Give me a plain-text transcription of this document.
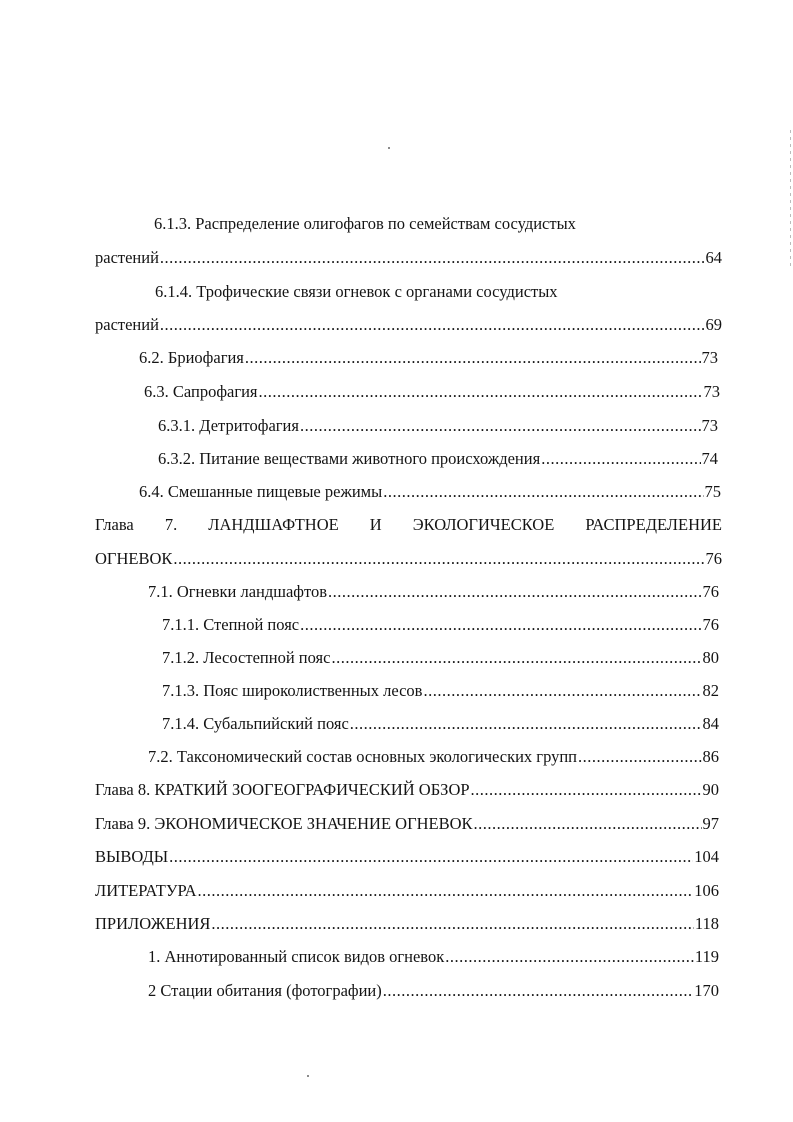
6.1.3. Распределение олигофагов по семействам сосудистых
растений .....	64
6.1.4. Трофические связи огневок с органами сосудистых
растений .....	69
6.2. Бриофагия .....	73
6.3. Сапрофагия .....	73
6.3.1. Детритофагия .....	73
6.3.2. Питание веществами животного происхождения .....	74
6.4. Смешанные пищевые режимы .....	75
Глава 7. ЛАНДШАФТНОЕ И ЭКОЛОГИЧЕСКОЕ РАСПРЕДЕЛЕНИЕ
ОГНЕВОК .....	76
7.1. Огневки ландшафтов .....	76
7.1.1. Степной пояс .....	76
7.1.2. Лесостепной пояс .....	80
7.1.3. Пояс широколиственных лесов .....	82
7.1.4. Субальпийский пояс .....	84
7.2. Таксономический состав основных экологических групп .....	86
Глава 8. КРАТКИЙ ЗООГЕОГРАФИЧЕСКИЙ ОБЗОР .....	90
Глава 9. ЭКОНОМИЧЕСКОЕ ЗНАЧЕНИЕ ОГНЕВОК .....	97
ВЫВОДЫ .....	104
ЛИТЕРАТУРА .....	106
ПРИЛОЖЕНИЯ .....	118
1. Аннотированный список видов огневок .....	119
2 Стации обитания (фотографии) .....	170
